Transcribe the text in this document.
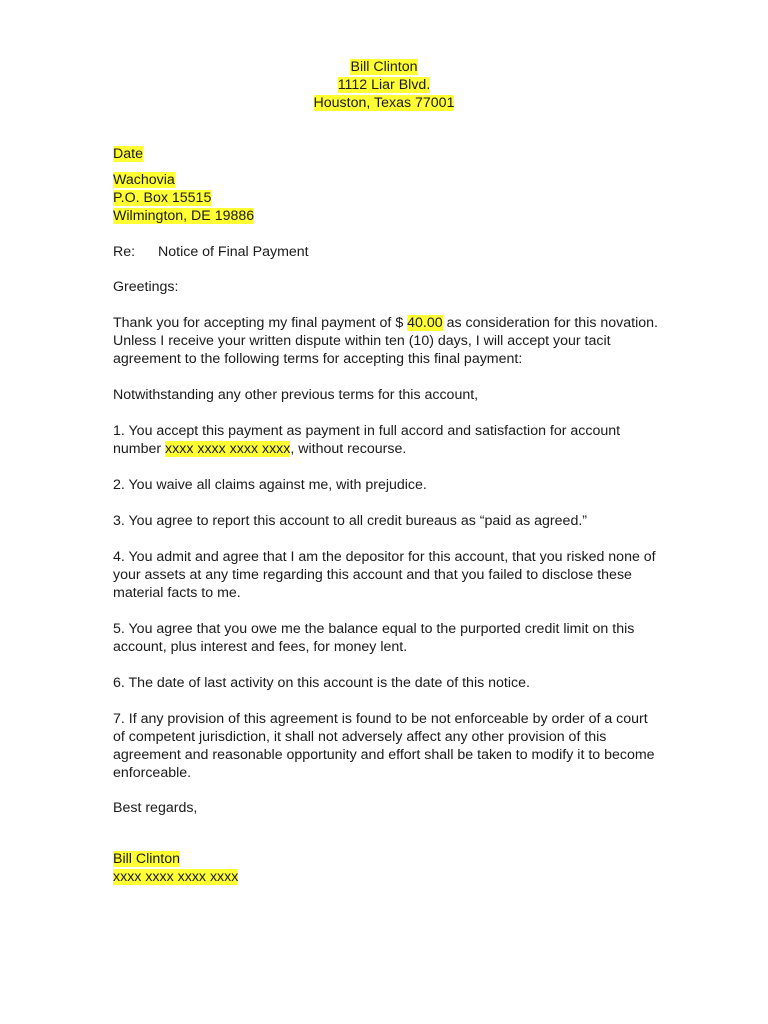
Bill Clinton
1112 Liar Blvd.
Houston, Texas 77001
Date
Wachovia
P.O. Box 15515
Wilmington, DE 19886
Re:	Notice of Final Payment

Greetings:

Thank you for accepting my final payment of $ 40.00 as consideration for this novation. Unless I receive your written dispute within ten (10) days, I will accept your tacit agreement to the following terms for accepting this final payment:

Notwithstanding any other previous terms for this account,

1. You accept this payment as payment in full accord and satisfaction for account number xxxx xxxx xxxx xxxx, without recourse.

2. You waive all claims against me, with prejudice.

3. You agree to report this account to all credit bureaus as “paid as agreed.”

4. You admit and agree that I am the depositor for this account, that you risked none of your assets at any time regarding this account and that you failed to disclose these material facts to me.

5. You agree that you owe me the balance equal to the purported credit limit on this account, plus interest and fees, for money lent.

6. The date of last activity on this account is the date of this notice.

7. If any provision of this agreement is found to be not enforceable by order of a court of competent jurisdiction, it shall not adversely affect any other provision of this agreement and reasonable opportunity and effort shall be taken to modify it to become enforceable.

Best regards,

Bill Clinton
xxxx xxxx xxxx xxxx
